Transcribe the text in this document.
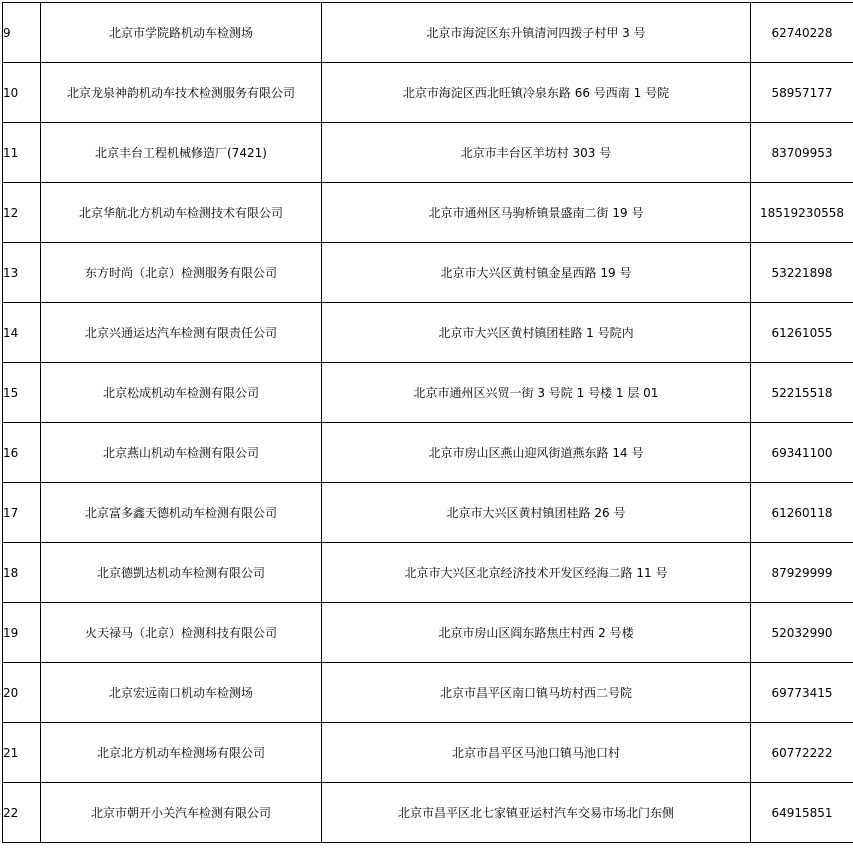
9	北京市学院路机动车检测场	北京市海淀区东升镇清河四拨子村甲 3 号	62740228
10	北京龙泉神韵机动车技术检测服务有限公司	北京市海淀区西北旺镇冷泉东路 66 号西南 1 号院	58957177
11	北京丰台工程机械修造厂(7421)	北京市丰台区羊坊村 303 号	83709953
12	北京华航北方机动车检测技术有限公司	北京市通州区马驹桥镇景盛南二街 19 号	18519230558
13	东方时尚（北京）检测服务有限公司	北京市大兴区黄村镇金星西路 19 号	53221898
14	北京兴通运达汽车检测有限责任公司	北京市大兴区黄村镇团桂路 1 号院内	61261055
15	北京松成机动车检测有限公司	北京市通州区兴贸一街 3 号院 1 号楼 1 层 01	52215518
16	北京燕山机动车检测有限公司	北京市房山区燕山迎风街道燕东路 14 号	69341100
17	北京富多鑫天德机动车检测有限公司	北京市大兴区黄村镇团桂路 26 号	61260118
18	北京德凱达机动车检测有限公司	北京市大兴区北京经济技术开发区经海二路 11 号	87929999
19	火天禄马（北京）检测科技有限公司	北京市房山区阎东路焦庄村西 2 号楼	52032990
20	北京宏远南口机动车检测场	北京市昌平区南口镇马坊村西二号院	69773415
21	北京北方机动车检测场有限公司	北京市昌平区马池口镇马池口村	60772222
22	北京市朝开小关汽车检测有限公司	北京市昌平区北七家镇亚运村汽车交易市场北门东侧	64915851
